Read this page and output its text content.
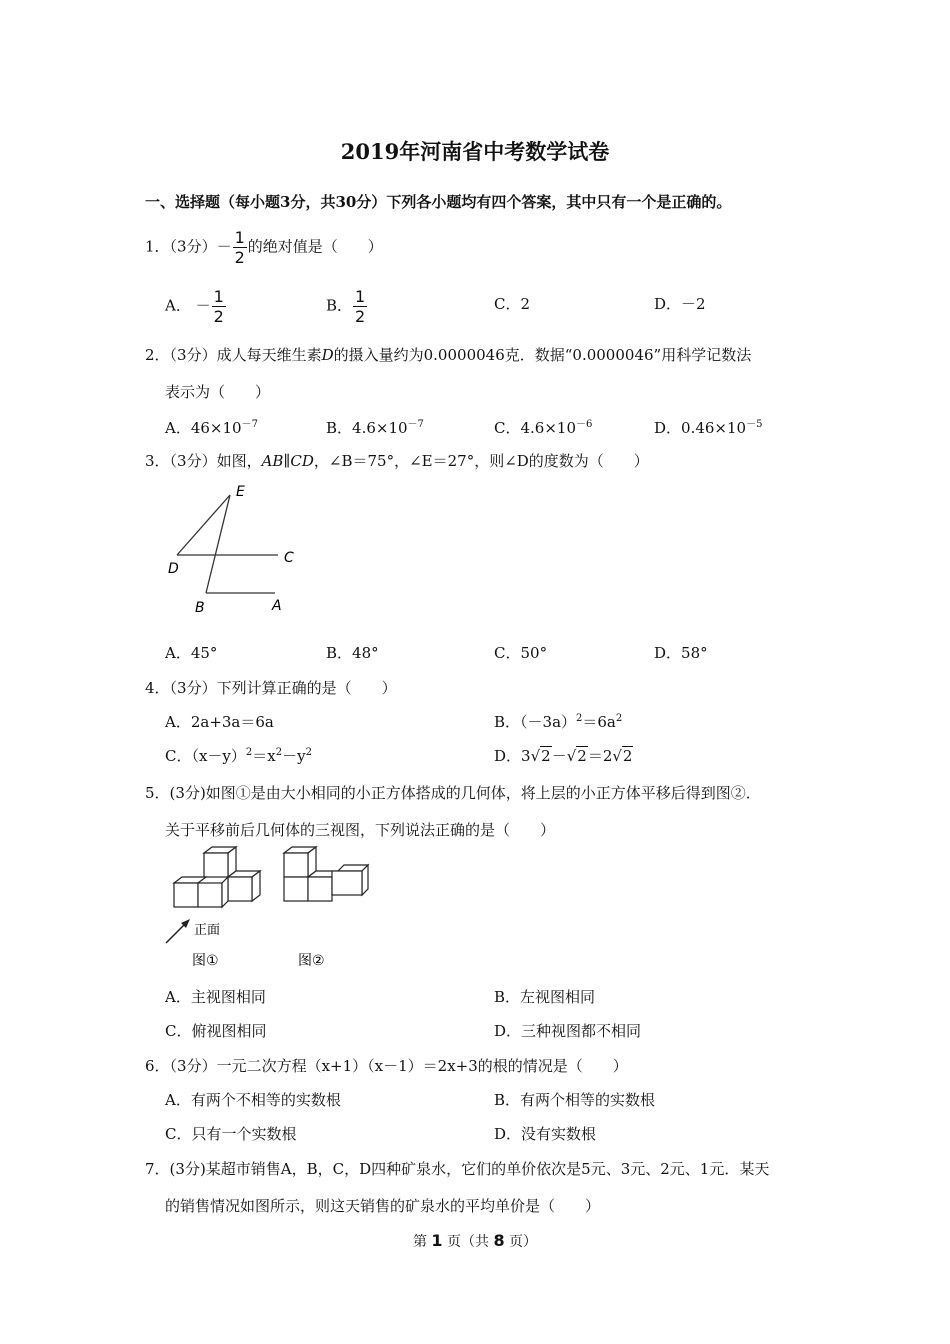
2019年河南省中考数学试卷
一、选择题（每小题3分，共30分）下列各小题均有四个答案，其中只有一个是正确的。
1．（3分）－ $\frac{1}{2}$ 的绝对值是（　　）
A． － $\frac{1}{2}$	B． $\frac{1}{2}$	C．2	D．－2
2．（3分）成人每天维生素D的摄入量约为0.0000046克．数据“0.0000046”用科学记数法
表示为（　　）
A．$46\times 10^{-7}$	B．$4.6\times 10^{-7}$	C．$4.6\times 10^{-6}$	D．$0.46\times 10^{-5}$
3．（3分）如图，AB∥CD，∠B＝75°，∠E＝27°，则∠D的度数为（　　）
E
D
C
B	A
A．45°	B．48°	C．50°	D．58°
4．（3分）下列计算正确的是（　　）
A．2a+3a＝6a	B．$(-3a)^2=6a^2$
C．$(x-y)^2=x^2-y^2$	D．3√2－√2＝2√2
5．(3分)如图①是由大小相同的小正方体搭成的几何体，将上层的小正方体平移后得到图②．
关于平移前后几何体的三视图，下列说法正确的是（　　）
正面
图①	图②
A．主视图相同	B．左视图相同
C．俯视图相同	D．三种视图都不相同
6．（3分）一元二次方程（x+1）（x－1）＝2x+3的根的情况是（　　）
A．有两个不相等的实数根	B．有两个相等的实数根
C．只有一个实数根	D．没有实数根
7．(3分)某超市销售A，B，C，D四种矿泉水，它们的单价依次是5元、3元、2元、1元．某天
的销售情况如图所示，则这天销售的矿泉水的平均单价是（　　）
第 1 页（共 8 页）
